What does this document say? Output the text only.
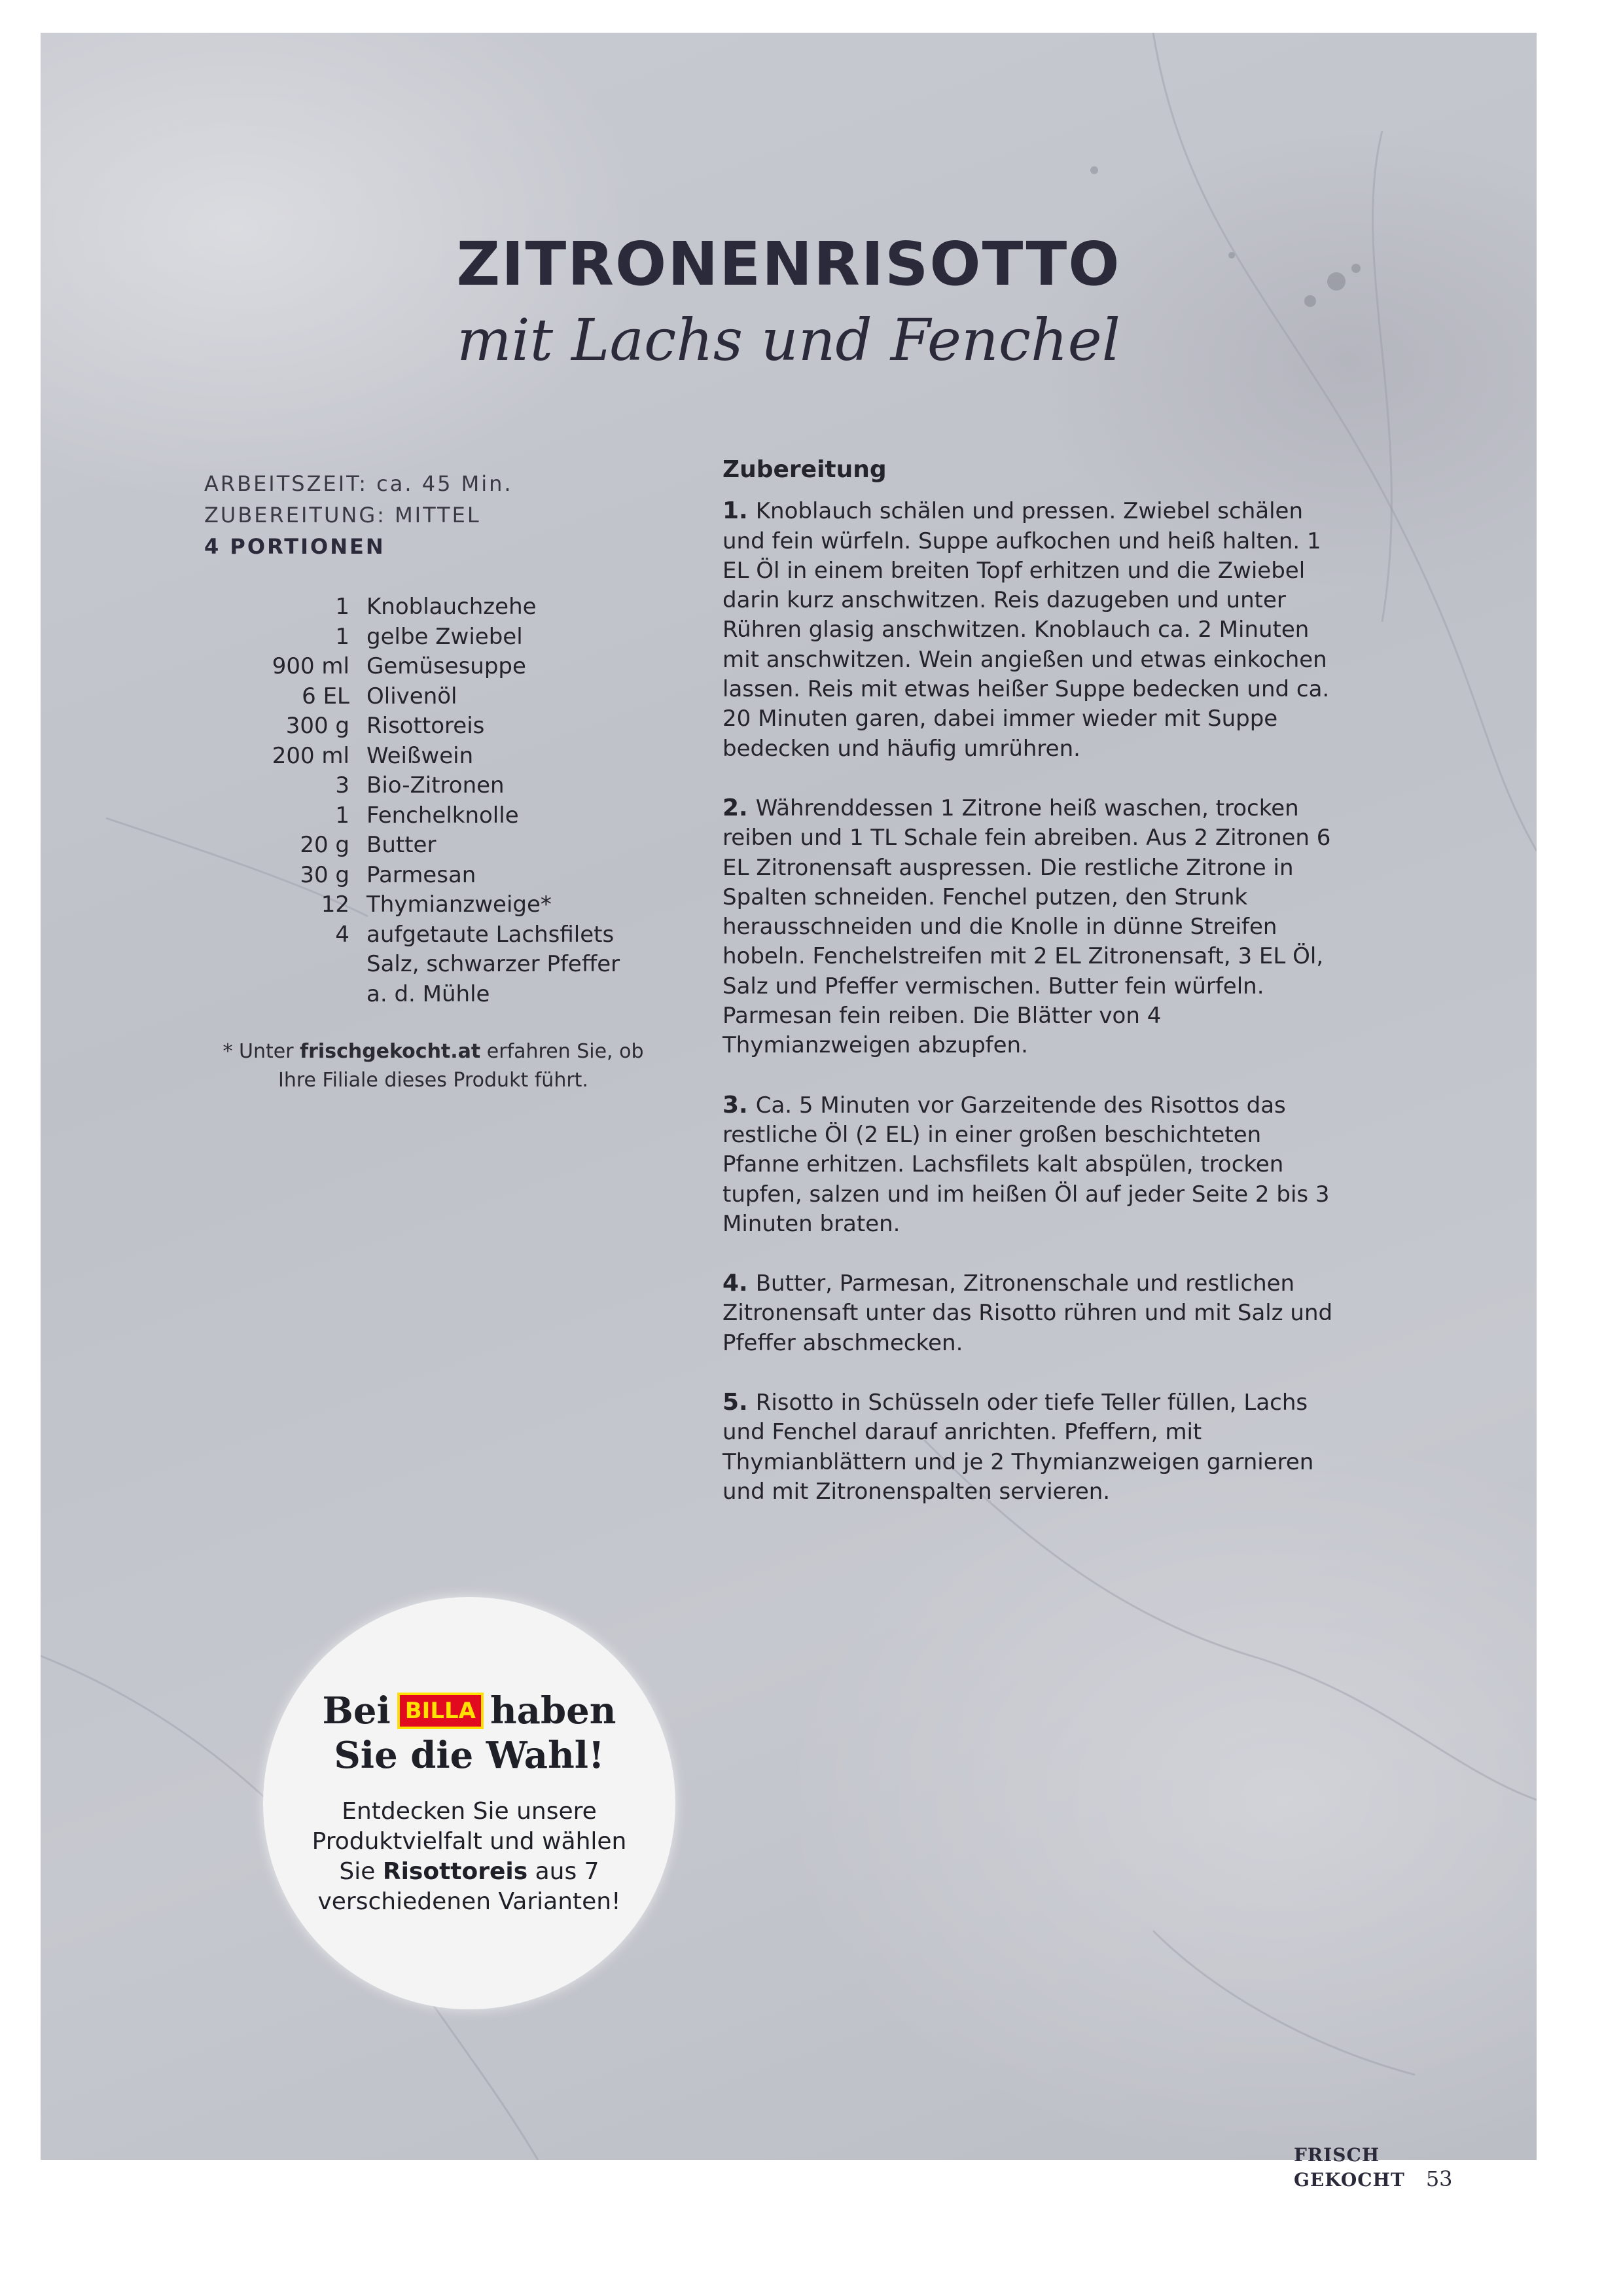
ZITRONENRISOTTO
mit Lachs und Fenchel
ARBEITSZEIT: ca. 45 Min.
ZUBEREITUNG: MITTEL
4 PORTIONEN
1 Knoblauchzehe
1 gelbe Zwiebel
900 ml Gemüsesuppe
6 EL Olivenöl
300 g Risottoreis
200 ml Weißwein
3 Bio-Zitronen
1 Fenchelknolle
20 g Butter
30 g Parmesan
12 Thymianzweige*
4 aufgetaute Lachsfilets
Salz, schwarzer Pfeffer
a. d. Mühle
* Unter frischgekocht.at erfahren Sie, ob Ihre Filiale dieses Produkt führt.
Zubereitung
1. Knoblauch schälen und pressen. Zwiebel schälen und fein würfeln. Suppe aufkochen und heiß halten. 1 EL Öl in einem breiten Topf erhitzen und die Zwiebel darin kurz anschwitzen. Reis dazugeben und unter Rühren glasig anschwitzen. Knoblauch ca. 2 Minuten mit anschwitzen. Wein angießen und etwas einkochen lassen. Reis mit etwas heißer Suppe bedecken und ca. 20 Minuten garen, dabei immer wieder mit Suppe bedecken und häufig umrühren.
2. Währenddessen 1 Zitrone heiß waschen, trocken reiben und 1 TL Schale fein abreiben. Aus 2 Zitronen 6 EL Zitronensaft auspressen. Die restliche Zitrone in Spalten schneiden. Fenchel putzen, den Strunk herausschneiden und die Knolle in dünne Streifen hobeln. Fenchelstreifen mit 2 EL Zitronensaft, 3 EL Öl, Salz und Pfeffer vermischen. Butter fein würfeln. Parmesan fein reiben. Die Blätter von 4 Thymianzweigen abzupfen.
3. Ca. 5 Minuten vor Garzeitende des Risottos das restliche Öl (2 EL) in einer großen beschichteten Pfanne erhitzen. Lachsfilets kalt abspülen, trocken tupfen, salzen und im heißen Öl auf jeder Seite 2 bis 3 Minuten braten.
4. Butter, Parmesan, Zitronenschale und restlichen Zitronensaft unter das Risotto rühren und mit Salz und Pfeffer abschmecken.
5. Risotto in Schüsseln oder tiefe Teller füllen, Lachs und Fenchel darauf anrichten. Pfeffern, mit Thymianblättern und je 2 Thymianzweigen garnieren und mit Zitronenspalten servieren.
Bei BILLA haben
Sie die Wahl!
Entdecken Sie unsere Produktvielfalt und wählen Sie Risottoreis aus 7 verschiedenen Varianten!
FRISCH GEKOCHT 53
